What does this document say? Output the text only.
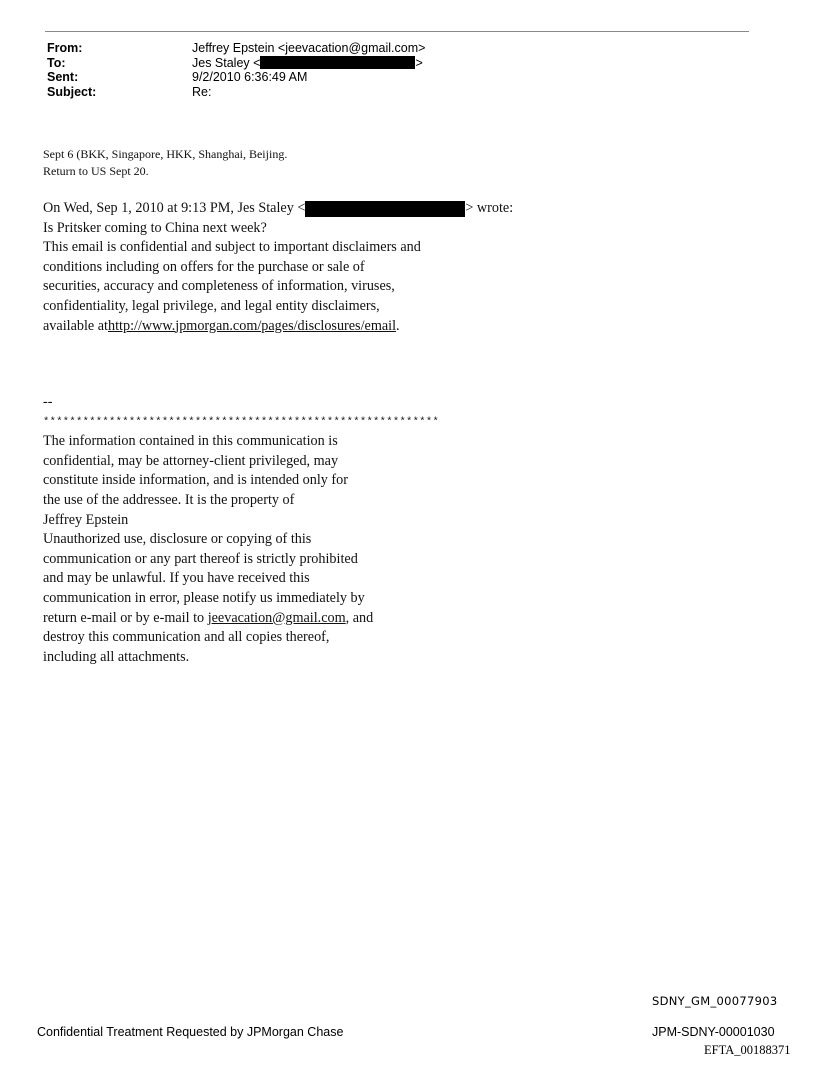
From:	Jeffrey Epstein <jeevacation@gmail.com>
To:	Jes Staley <	>
Sent:	9/2/2010 6:36:49 AM
Subject:	Re:
Sept 6 (BKK, Singapore, HKK, Shanghai, Beijing.
Return to US Sept 20.
On Wed, Sep 1, 2010 at 9:13 PM, Jes Staley <	> wrote:
Is Pritsker coming to China next week?
This email is confidential and subject to important disclaimers and
conditions including on offers for the purchase or sale of
securities, accuracy and completeness of information, viruses,
confidentiality, legal privilege, and legal entity disclaimers,
available at http://www.jpmorgan.com/pages/disclosures/email .
--
************************************************************
The information contained in this communication is
confidential, may be attorney-client privileged, may
constitute inside information, and is intended only for
the use of the addressee. It is the property of
Jeffrey Epstein
Unauthorized use, disclosure or copying of this
communication or any part thereof is strictly prohibited
and may be unlawful. If you have received this
communication in error, please notify us immediately by
return e-mail or by e-mail to jeevacation@gmail.com, and
destroy this communication and all copies thereof,
including all attachments.
SDNY_GM_00077903
Confidential Treatment Requested by JPMorgan Chase	JPM-SDNY-00001030
EFTA_00188371
